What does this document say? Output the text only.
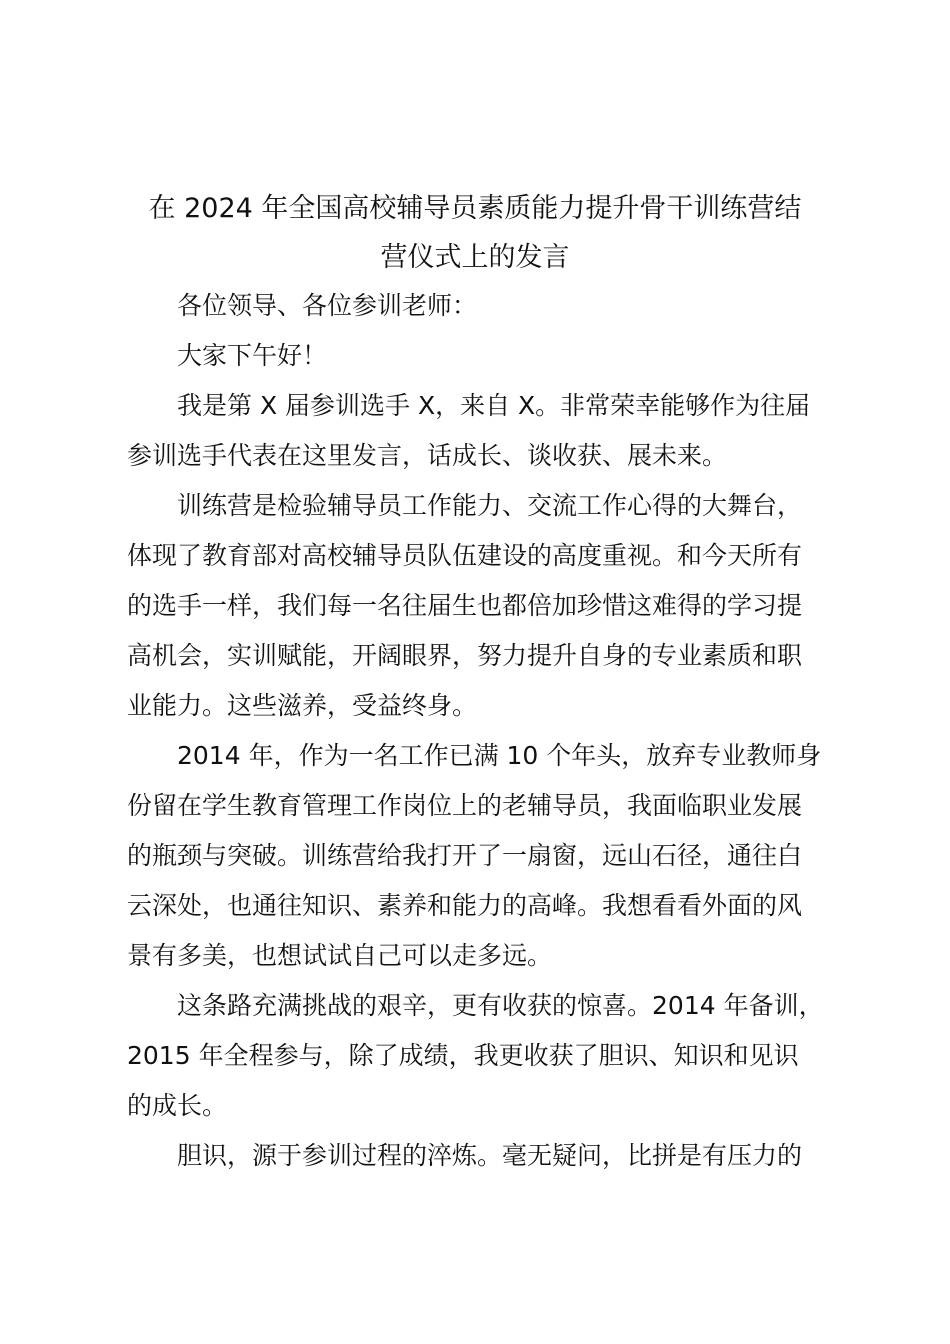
在 2024 年全国高校辅导员素质能力提升骨干训练营结
营仪式上的发言

各位领导、各位参训老师：

大家下午好！

我是第 X 届参训选手 X，来自 X。非常荣幸能够作为往届

参训选手代表在这里发言，话成长、谈收获、展未来。

训练营是检验辅导员工作能力、交流工作心得的大舞台，

体现了教育部对高校辅导员队伍建设的高度重视。和今天所有

的选手一样，我们每一名往届生也都倍加珍惜这难得的学习提

高机会，实训赋能，开阔眼界，努力提升自身的专业素质和职

业能力。这些滋养，受益终身。

2014 年，作为一名工作已满 10 个年头，放弃专业教师身

份留在学生教育管理工作岗位上的老辅导员，我面临职业发展

的瓶颈与突破。训练营给我打开了一扇窗，远山石径，通往白

云深处，也通往知识、素养和能力的高峰。我想看看外面的风

景有多美，也想试试自己可以走多远。

这条路充满挑战的艰辛，更有收获的惊喜。2014 年备训，

2015 年全程参与，除了成绩，我更收获了胆识、知识和见识

的成长。

胆识，源于参训过程的淬炼。毫无疑问，比拼是有压力的
